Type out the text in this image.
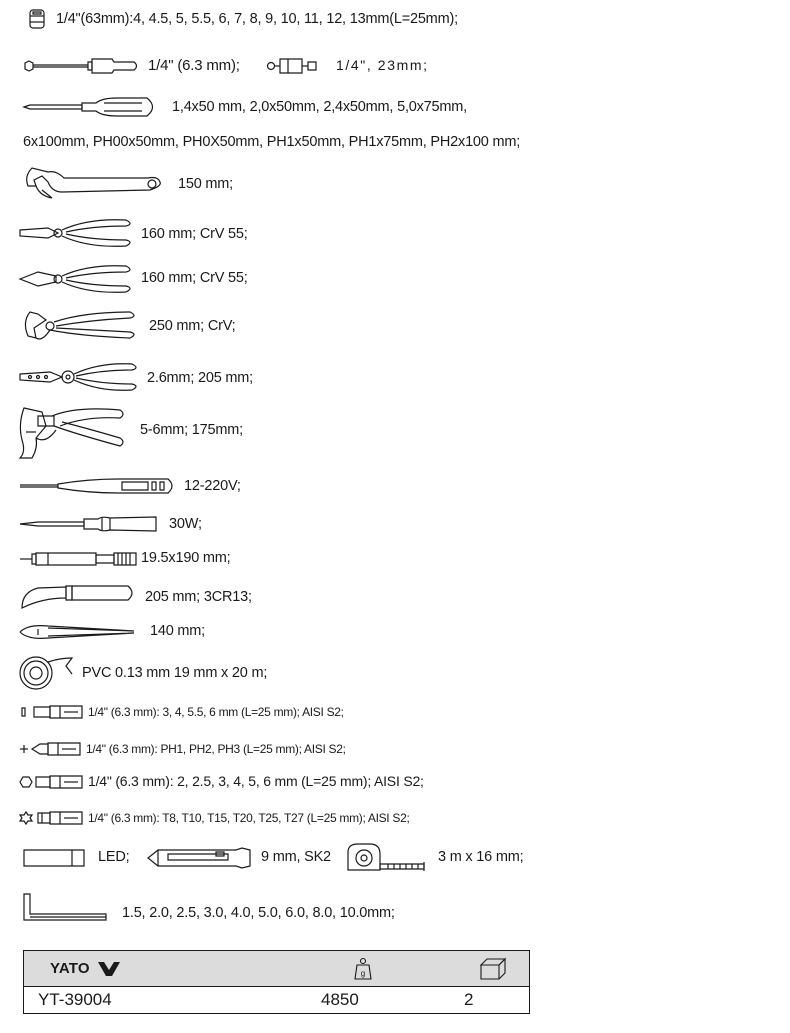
1/4"(63mm):4, 4.5, 5, 5.5, 6, 7, 8, 9, 10, 11, 12, 13mm(L=25mm);
1/4" (6.3 mm);	1/4", 23mm;
1,4x50 mm, 2,0x50mm, 2,4x50mm, 5,0x75mm,
6x100mm, PH00x50mm, PH0X50mm, PH1x50mm, PH1x75mm, PH2x100 mm;
150 mm;
160 mm; CrV 55;
160 mm; CrV 55;
250 mm; CrV;
2.6mm; 205 mm;
5-6mm; 175mm;
12-220V;
30W;
19.5x190 mm;
205 mm; 3CR13;
140 mm;
PVC 0.13 mm 19 mm x 20 m;
1/4" (6.3 mm): 3, 4, 5.5, 6 mm (L=25 mm); AISI S2;
1/4" (6.3 mm): PH1, PH2, PH3 (L=25 mm); AISI S2;
1/4" (6.3 mm): 2, 2.5, 3, 4, 5, 6 mm (L=25 mm); AISI S2;
1/4" (6.3 mm): T8, T10, T15, T20, T25, T27 (L=25 mm); AISI S2;
LED;	9 mm, SK2	3 m x 16 mm;
1.5, 2.0, 2.5, 3.0, 4.0, 5.0, 6.0, 8.0, 10.0mm;
YATO	g
YT-39004	4850	2
